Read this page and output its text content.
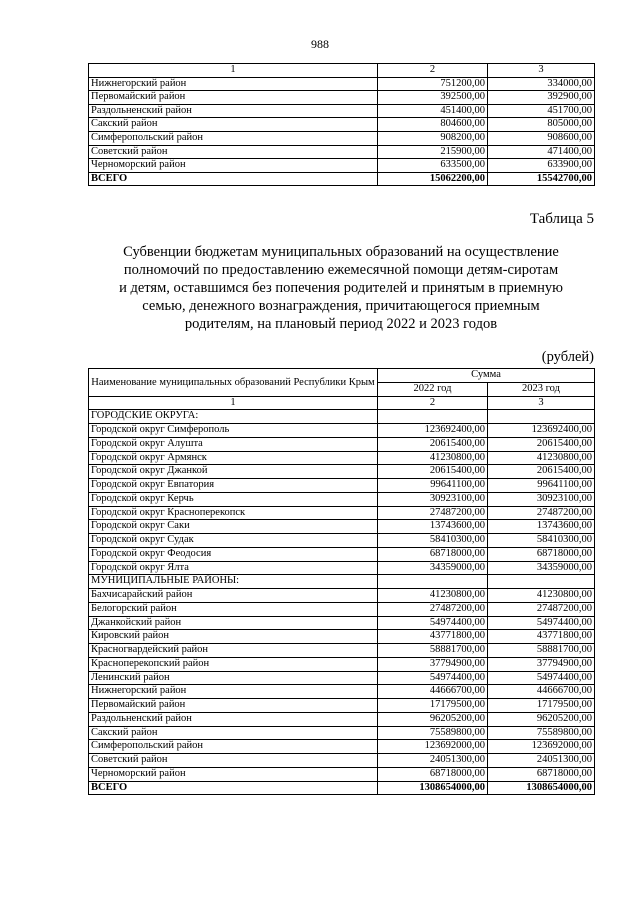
988
1	2	3
Нижнегорский район	751200,00	334000,00
Первомайский район	392500,00	392900,00
Раздольненский район	451400,00	451700,00
Сакский район	804600,00	805000,00
Симферопольский район	908200,00	908600,00
Советский район	215900,00	471400,00
Черноморский район	633500,00	633900,00
ВСЕГО	15062200,00	15542700,00
Таблица 5
Субвенции бюджетам муниципальных образований на осуществление
полномочий по предоставлению ежемесячной помощи детям-сиротам
и детям, оставшимся без попечения родителей и принятым в приемную
семью, денежного вознаграждения, причитающегося приемным
родителям, на плановый период 2022 и 2023 годов
(рублей)
Наименование муниципальных образований Республики Крым	Сумма	
	2022 год	2023 год
1	2	3
ГОРОДСКИЕ ОКРУГА:		
Городской округ Симферополь	123692400,00	123692400,00
Городской округ Алушта	20615400,00	20615400,00
Городской округ Армянск	41230800,00	41230800,00
Городской округ Джанкой	20615400,00	20615400,00
Городской округ Евпатория	99641100,00	99641100,00
Городской округ Керчь	30923100,00	30923100,00
Городской округ Красноперекопск	27487200,00	27487200,00
Городской округ Саки	13743600,00	13743600,00
Городской округ Судак	58410300,00	58410300,00
Городской округ Феодосия	68718000,00	68718000,00
Городской округ Ялта	34359000,00	34359000,00
МУНИЦИПАЛЬНЫЕ РАЙОНЫ:		
Бахчисарайский район	41230800,00	41230800,00
Белогорский район	27487200,00	27487200,00
Джанкойский район	54974400,00	54974400,00
Кировский район	43771800,00	43771800,00
Красногвардейский район	58881700,00	58881700,00
Красноперекопский район	37794900,00	37794900,00
Ленинский район	54974400,00	54974400,00
Нижнегорский район	44666700,00	44666700,00
Первомайский район	17179500,00	17179500,00
Раздольненский район	96205200,00	96205200,00
Сакский район	75589800,00	75589800,00
Симферопольский район	123692000,00	123692000,00
Советский район	24051300,00	24051300,00
Черноморский район	68718000,00	68718000,00
ВСЕГО	1308654000,00	1308654000,00
